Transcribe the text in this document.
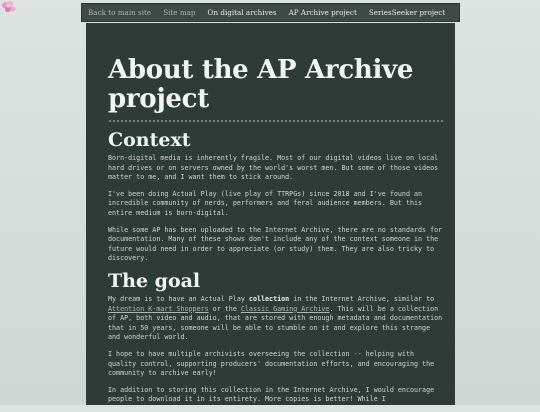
Back to main site Site map On digital archives AP Archive project SeriesSeeker project
About the AP Archive project
Context

Born-digital media is inherently fragile. Most of our digital videos live on local hard drives or on servers owned by the world's worst men. But some of those videos matter to me, and I want them to stick around.

I've been doing Actual Play (live play of TTRPGs) since 2018 and I've found an incredible community of nerds, performers and feral audience members. But this entire medium is born-digital.

While some AP has been uploaded to the Internet Archive, there are no standards for documentation. Many of these shows don't include any of the context someone in the future would need in order to appreciate (or study) them. They are also tricky to discovery.

The goal

My dream is to have an Actual Play collection in the Internet Archive, similar to Attention K-mart Shoppers or the Classic Gaming Archive. This will be a collection of AP, both video and audio, that are stored with enough metadata and documentation that in 50 years, someone will be able to stumble on it and explore this strange and wonderful world.

I hope to have multiple archivists overseeing the collection -- helping with quality control, supporting producers' documentation efforts, and encouraging the community to archive early!

In addition to storing this collection in the Internet Archive, I would encourage people to download it in its entirety. More copies is better! While I
